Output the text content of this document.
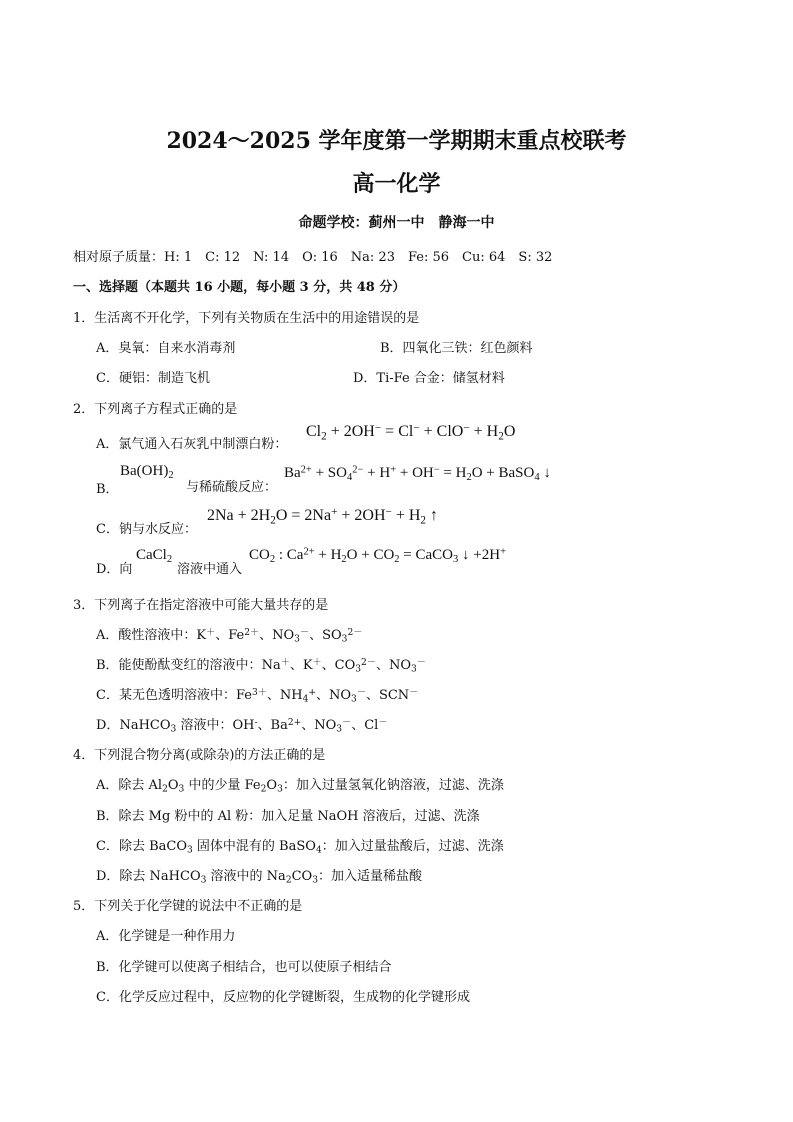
2024～2025 学年度第一学期期末重点校联考
高一化学
命题学校：蓟州一中　静海一中
相对原子质量：H: 1　C: 12　N: 14　O: 16　Na: 23　Fe: 56　Cu: 64　S: 32
一、选择题（本题共 16 小题，每小题 3 分，共 48 分）
1．生活离不开化学，下列有关物质在生活中的用途错误的是
A．臭氧：自来水消毒剂	B．四氧化三铁：红色颜料
C．硬铝：制造飞机	D．Ti-Fe 合金：储氢材料
2．下列离子方程式正确的是
A．氯气通入石灰乳中制漂白粉：
$Cl_2 + 2OH^- = Cl^- + ClO^- + H_2O$
B．
$Ba(OH)_2$
与稀硫酸反应：
$Ba^{2+} + SO_4^{2-} + H^+ + OH^- = H_2O$ + BaSO$_4$ ↓
C．钠与水反应：
$2Na + 2H_2O = 2Na^+ + 2OH^- + H_2$ ↑
D．向
CaCl$_2$
溶液中通入
$CO_2$ : $Ca^{2+} + H_2O + CO_2$ = CaCO$_3$ ↓ +2H+
3．下列离子在指定溶液中可能大量共存的是
A．酸性溶液中：K＋、$Fe^{2+}$、$NO_3^-$、$SO_3^{2-}$
B．能使酚酞变红的溶液中：Na＋、K＋、$CO_3^{2-}$、$NO_3^-$
C．某无色透明溶液中：$Fe^{3+}$、$NH_4^+$、$NO_3^-$、SCN－
D．NaHCO$_3$ 溶液中：OH-、$Ba^{2+}$、$NO_3^-$、Cl－
4．下列混合物分离(或除杂)的方法正确的是
A．除去 $Al_2O_3$ 中的少量 $Fe_2O_3$：加入过量氢氧化钠溶液，过滤、洗涤
B．除去 Mg 粉中的 Al 粉：加入足量 NaOH 溶液后，过滤、洗涤
C．除去 BaCO$_3$ 固体中混有的 BaSO$_4$：加入过量盐酸后，过滤、洗涤
D．除去 NaHCO$_3$ 溶液中的 $Na_2CO_3$：加入适量稀盐酸
5．下列关于化学键的说法中不正确的是
A．化学键是一种作用力
B．化学键可以使离子相结合，也可以使原子相结合
C．化学反应过程中，反应物的化学键断裂，生成物的化学键形成
